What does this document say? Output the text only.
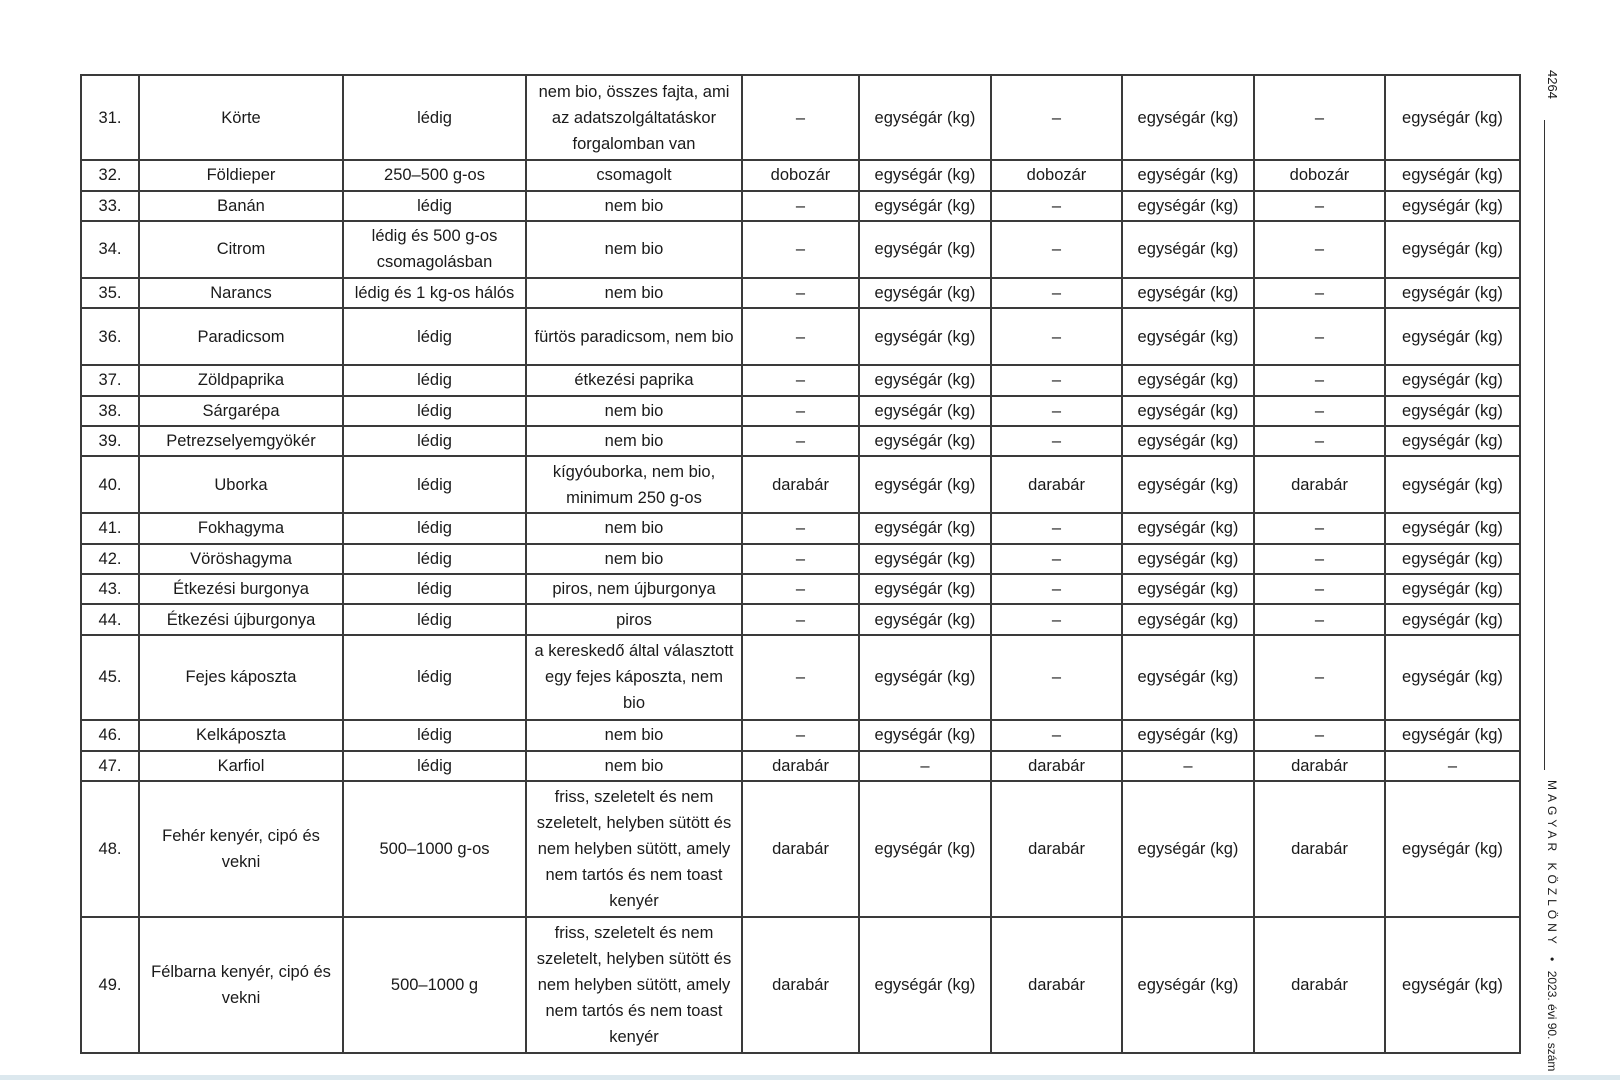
31.	Körte	lédig	nem bio, összes fajta, ami az adatszolgáltatáskor forgalomban van	–	egységár (kg)	–	egységár (kg)	–	egységár (kg)
32.	Földieper	250–500 g-os	csomagolt	dobozár	egységár (kg)	dobozár	egységár (kg)	dobozár	egységár (kg)
33.	Banán	lédig	nem bio	–	egységár (kg)	–	egységár (kg)	–	egységár (kg)
34.	Citrom	lédig és 500 g-os csomagolásban	nem bio	–	egységár (kg)	–	egységár (kg)	–	egységár (kg)
35.	Narancs	lédig és 1 kg-os hálós	nem bio	–	egységár (kg)	–	egységár (kg)	–	egységár (kg)
36.	Paradicsom	lédig	fürtös paradicsom, nem bio	–	egységár (kg)	–	egységár (kg)	–	egységár (kg)
37.	Zöldpaprika	lédig	étkezési paprika	–	egységár (kg)	–	egységár (kg)	–	egységár (kg)
38.	Sárgarépa	lédig	nem bio	–	egységár (kg)	–	egységár (kg)	–	egységár (kg)
39.	Petrezselyemgyökér	lédig	nem bio	–	egységár (kg)	–	egységár (kg)	–	egységár (kg)
40.	Uborka	lédig	kígyóuborka, nem bio, minimum 250 g-os	darabár	egységár (kg)	darabár	egységár (kg)	darabár	egységár (kg)
41.	Fokhagyma	lédig	nem bio	–	egységár (kg)	–	egységár (kg)	–	egységár (kg)
42.	Vöröshagyma	lédig	nem bio	–	egységár (kg)	–	egységár (kg)	–	egységár (kg)
43.	Étkezési burgonya	lédig	piros, nem újburgonya	–	egységár (kg)	–	egységár (kg)	–	egységár (kg)
44.	Étkezési újburgonya	lédig	piros	–	egységár (kg)	–	egységár (kg)	–	egységár (kg)
45.	Fejes káposzta	lédig	a kereskedő által választott egy fejes káposzta, nem bio	–	egységár (kg)	–	egységár (kg)	–	egységár (kg)
46.	Kelkáposzta	lédig	nem bio	–	egységár (kg)	–	egységár (kg)	–	egységár (kg)
47.	Karfiol	lédig	nem bio	darabár	–	darabár	–	darabár	–
48.	Fehér kenyér, cipó és vekni	500–1000 g-os	friss, szeletelt és nem szeletelt, helyben sütött és nem helyben sütött, amely nem tartós és nem toast kenyér	darabár	egységár (kg)	darabár	egységár (kg)	darabár	egységár (kg)
49.	Félbarna kenyér, cipó és vekni	500–1000 g	friss, szeletelt és nem szeletelt, helyben sütött és nem helyben sütött, amely nem tartós és nem toast kenyér	darabár	egységár (kg)	darabár	egységár (kg)	darabár	egységár (kg)
4264
MAGYAR KÖZLÖNY • 2023. évi 90. szám
